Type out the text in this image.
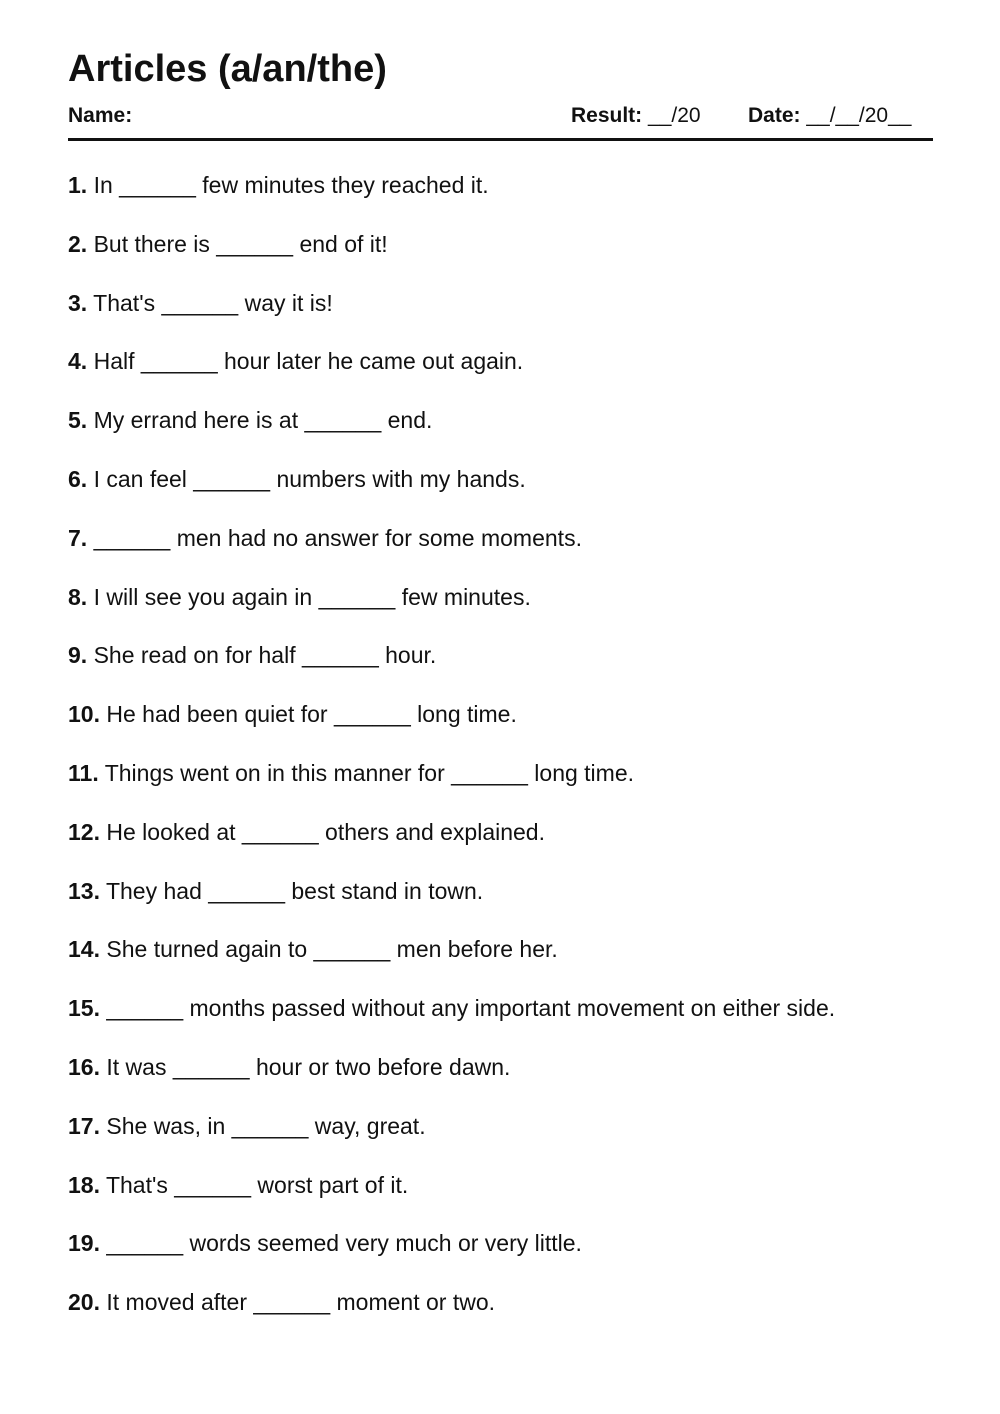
Articles (a/an/the)
Name:	Result: __/20 Date: __/__/20__
1. In ______ few minutes they reached it.
2. But there is ______ end of it!
3. That's ______ way it is!
4. Half ______ hour later he came out again.
5. My errand here is at ______ end.
6. I can feel ______ numbers with my hands.
7. ______ men had no answer for some moments.
8. I will see you again in ______ few minutes.
9. She read on for half ______ hour.
10. He had been quiet for ______ long time.
11. Things went on in this manner for ______ long time.
12. He looked at ______ others and explained.
13. They had ______ best stand in town.
14. She turned again to ______ men before her.
15. ______ months passed without any important movement on either side.
16. It was ______ hour or two before dawn.
17. She was, in ______ way, great.
18. That's ______ worst part of it.
19. ______ words seemed very much or very little.
20. It moved after ______ moment or two.
